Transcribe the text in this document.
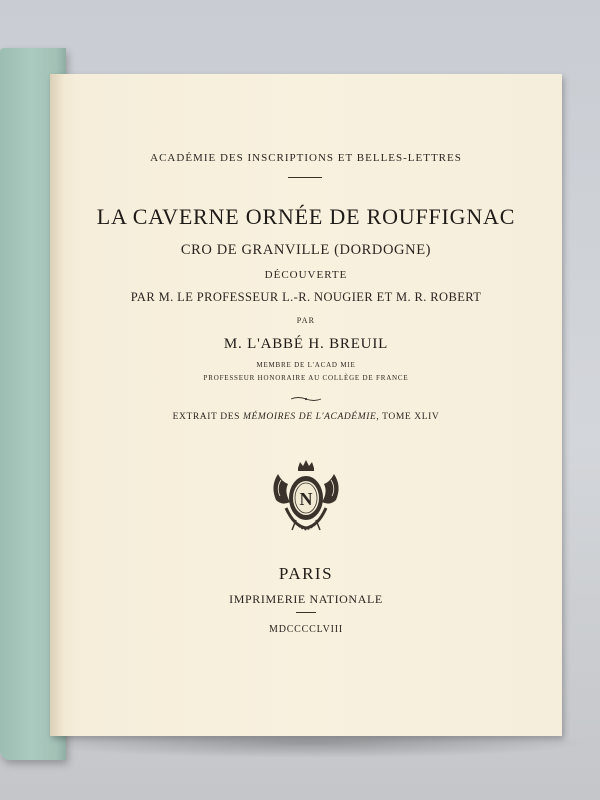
ACADÉMIE DES INSCRIPTIONS ET BELLES-LETTRES
LA CAVERNE ORNÉE DE ROUFFIGNAC
CRO DE GRANVILLE (DORDOGNE)
DÉCOUVERTE
PAR M. LE PROFESSEUR L.-R. NOUGIER ET M. R. ROBERT
PAR
M. L'ABBÉ H. BREUIL
MEMBRE DE L'ACAD MIE
PROFESSEUR HONORAIRE AU COLLÈGE DE FRANCE
EXTRAIT DES MÉMOIRES DE L'ACADÉMIE, TOME XLIV
N
PARIS
IMPRIMERIE NATIONALE
MDCCCCLVIII
